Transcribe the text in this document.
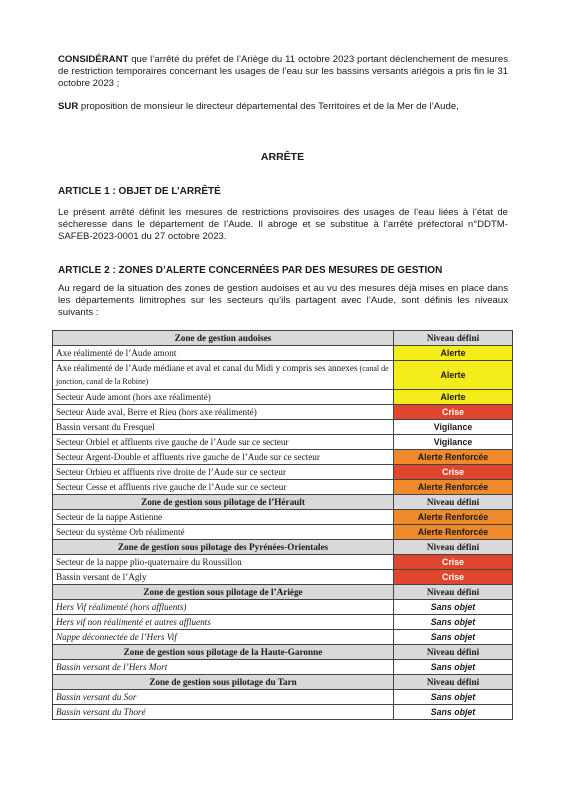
CONSIDÉRANT que l’arrêté du préfet de l’Ariège du 11 octobre 2023 portant déclenchement de mesures de restriction temporaires concernant les usages de l’eau sur les bassins versants ariégois a pris fin le 31 octobre 2023 ;

SUR proposition de monsieur le directeur départemental des Territoires et de la Mer de l’Aude,

ARRÊTE
ARTICLE 1 : OBJET DE L’ARRÊTÉ

Le présent arrêté définit les mesures de restrictions provisoires des usages de l’eau liées à l’état de sécheresse dans le département de l’Aude. Il abroge et se substitue à l’arrêté préfectoral n°DDTM-SAFEB-2023-0001 du 27 octobre 2023.

ARTICLE 2 : ZONES D’ALERTE CONCERNÉES PAR DES MESURES DE GESTION

Au regard de la situation des zones de gestion audoises et au vu des mesures déjà mises en place dans les départements limitrophes sur les secteurs qu’ils partagent avec l’Aude, sont définis les niveaux suivants :

Zone de gestion audoises	Niveau défini
Axe réalimenté de l’Aude amont	Alerte
Axe réalimenté de l’Aude médiane et aval et canal du Midi y compris ses annexes (canal de jonction, canal de la Robine)	Alerte
Secteur Aude amont (hors axe réalimenté)	Alerte
Secteur Aude aval, Berre et Rieu (hors axe réalimenté)	Crise
Bassin versant du Fresquel	Vigilance
Secteur Orbiel et affluents rive gauche de l’Aude sur ce secteur	Vigilance
Secteur Argent-Double et affluents rive gauche de l’Aude sur ce secteur	Alerte Renforcée
Secteur Orbieu et affluents rive droite de l’Aude sur ce secteur	Crise
Secteur Cesse et affluents rive gauche de l’Aude sur ce secteur	Alerte Renforcée
Zone de gestion sous pilotage de l’Hérault	Niveau défini
Secteur de la nappe Astienne	Alerte Renforcée
Secteur du système Orb réalimenté	Alerte Renforcée
Zone de gestion sous pilotage des Pyrénées-Orientales	Niveau défini
Secteur de la nappe plio-quaternaire du Roussillon	Crise
Bassin versant de l’Agly	Crise
Zone de gestion sous pilotage de l’Ariège	Niveau défini
Hers Vif réalimenté (hors affluents)	Sans objet
Hers vif non réalimenté et autres affluents	Sans objet
Nappe déconnectée de l’Hers Vif	Sans objet
Zone de gestion sous pilotage de la Haute-Garonne	Niveau défini
Bassin versant de l’Hers Mort	Sans objet
Zone de gestion sous pilotage du Tarn	Niveau défini
Bassin versant du Sor	Sans objet
Bassin versant du Thoré	Sans objet
